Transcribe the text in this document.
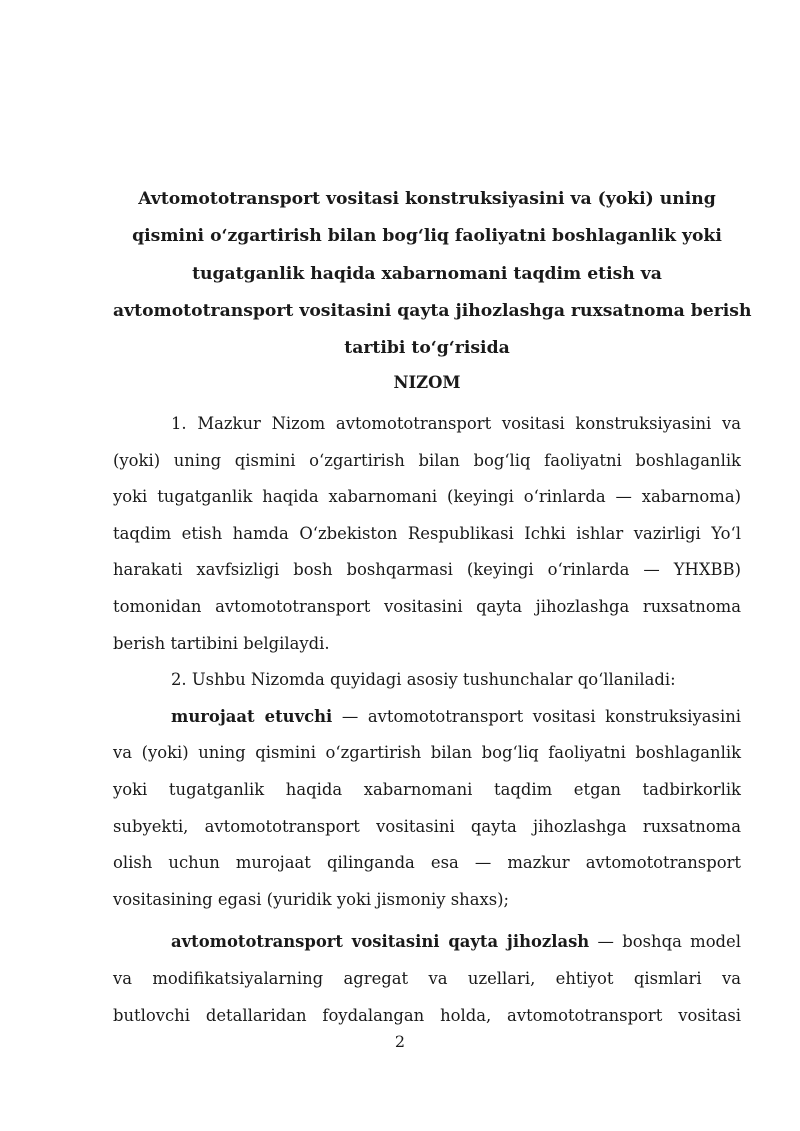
Avtomototransport vositasi konstruksiyasini va (yoki) uning
qismini o‘zgartirish bilan bog‘liq faoliyatni boshlaganlik yoki
tugatganlik haqida xabarnomani taqdim etish va
avtomototransport vositasini qayta jihozlashga ruxsatnoma berish
tartibi to‘g‘risida
NIZOM
1. Mazkur Nizom avtomototransport vositasi konstruksiyasini va
(yoki) uning qismini o‘zgartirish bilan bog‘liq faoliyatni boshlaganlik
yoki tugatganlik haqida xabarnomani (keyingi o‘rinlarda — xabarnoma)
taqdim etish hamda O‘zbekiston Respublikasi Ichki ishlar vazirligi Yo‘l
harakati xavfsizligi bosh boshqarmasi (keyingi o‘rinlarda — YHXBB)
tomonidan avtomototransport vositasini qayta jihozlashga ruxsatnoma
berish tartibini belgilaydi.
2. Ushbu Nizomda quyidagi asosiy tushunchalar qo‘llaniladi:
murojaat etuvchi — avtomototransport vositasi konstruksiyasini
va (yoki) uning qismini o‘zgartirish bilan bog‘liq faoliyatni boshlaganlik
yoki tugatganlik haqida xabarnomani taqdim etgan tadbirkorlik
subyekti, avtomototransport vositasini qayta jihozlashga ruxsatnoma
olish uchun murojaat qilinganda esa — mazkur avtomototransport
vositasining egasi (yuridik yoki jismoniy shaxs);
avtomototransport vositasini qayta jihozlash — boshqa model
va modifikatsiyalarning agregat va uzellari, ehtiyot qismlari va
butlovchi detallaridan foydalangan holda, avtomototransport vositasi
2
